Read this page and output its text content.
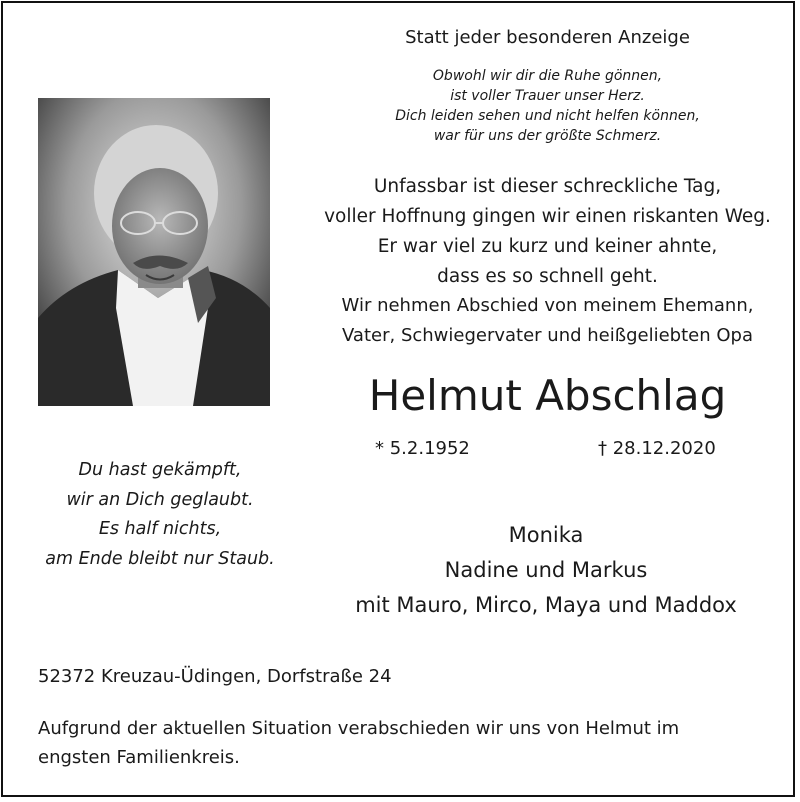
Statt jeder besonderen Anzeige
Obwohl wir dir die Ruhe gönnen,
ist voller Trauer unser Herz.
Dich leiden sehen und nicht helfen können,
war für uns der größte Schmerz.
Unfassbar ist dieser schreckliche Tag,
voller Hoffnung gingen wir einen riskanten Weg.
Er war viel zu kurz und keiner ahnte,
dass es so schnell geht.
Wir nehmen Abschied von meinem Ehemann,
Vater, Schwiegervater und heißgeliebten Opa
Helmut Abschlag
* 5.2.1952	† 28.12.2020
Monika
Nadine und Markus
mit Mauro, Mirco, Maya und Maddox
Du hast gekämpft,
wir an Dich geglaubt.
Es half nichts,
am Ende bleibt nur Staub.
52372 Kreuzau-Üdingen, Dorfstraße 24
Aufgrund der aktuellen Situation verabschieden wir uns von Helmut im
engsten Familienkreis.
